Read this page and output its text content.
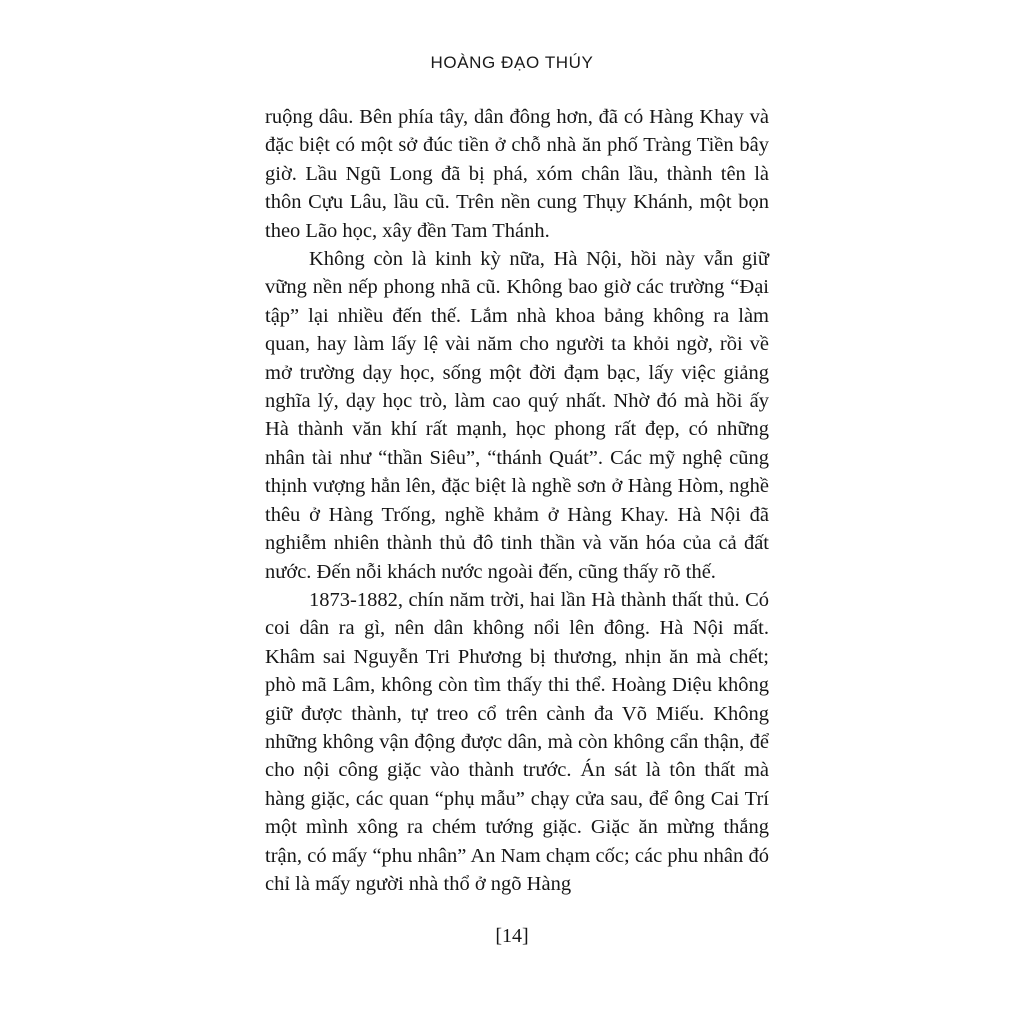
HOÀNG ĐẠO THÚY

ruộng dâu. Bên phía tây, dân đông hơn, đã có Hàng Khay và đặc biệt có một sở đúc tiền ở chỗ nhà ăn phố Tràng Tiền bây giờ. Lầu Ngũ Long đã bị phá, xóm chân lầu, thành tên là thôn Cựu Lâu, lầu cũ. Trên nền cung Thụy Khánh, một bọn theo Lão học, xây đền Tam Thánh.

Không còn là kinh kỳ nữa, Hà Nội, hồi này vẫn giữ vững nền nếp phong nhã cũ. Không bao giờ các trường “Đại tập” lại nhiều đến thế. Lắm nhà khoa bảng không ra làm quan, hay làm lấy lệ vài năm cho người ta khỏi ngờ, rồi về mở trường dạy học, sống một đời đạm bạc, lấy việc giảng nghĩa lý, dạy học trò, làm cao quý nhất. Nhờ đó mà hồi ấy Hà thành văn khí rất mạnh, học phong rất đẹp, có những nhân tài như “thần Siêu”, “thánh Quát”. Các mỹ nghệ cũng thịnh vượng hẳn lên, đặc biệt là nghề sơn ở Hàng Hòm, nghề thêu ở Hàng Trống, nghề khảm ở Hàng Khay. Hà Nội đã nghiễm nhiên thành thủ đô tinh thần và văn hóa của cả đất nước. Đến nỗi khách nước ngoài đến, cũng thấy rõ thế.

1873-1882, chín năm trời, hai lần Hà thành thất thủ. Có coi dân ra gì, nên dân không nổi lên đông. Hà Nội mất. Khâm sai Nguyễn Tri Phương bị thương, nhịn ăn mà chết; phò mã Lâm, không còn tìm thấy thi thể. Hoàng Diệu không giữ được thành, tự treo cổ trên cành đa Võ Miếu. Không những không vận động được dân, mà còn không cẩn thận, để cho nội công giặc vào thành trước. Án sát là tôn thất mà hàng giặc, các quan “phụ mẫu” chạy cửa sau, để ông Cai Trí một mình xông ra chém tướng giặc. Giặc ăn mừng thắng trận, có mấy “phu nhân” An Nam chạm cốc; các phu nhân đó chỉ là mấy người nhà thổ ở ngõ Hàng

[14]
